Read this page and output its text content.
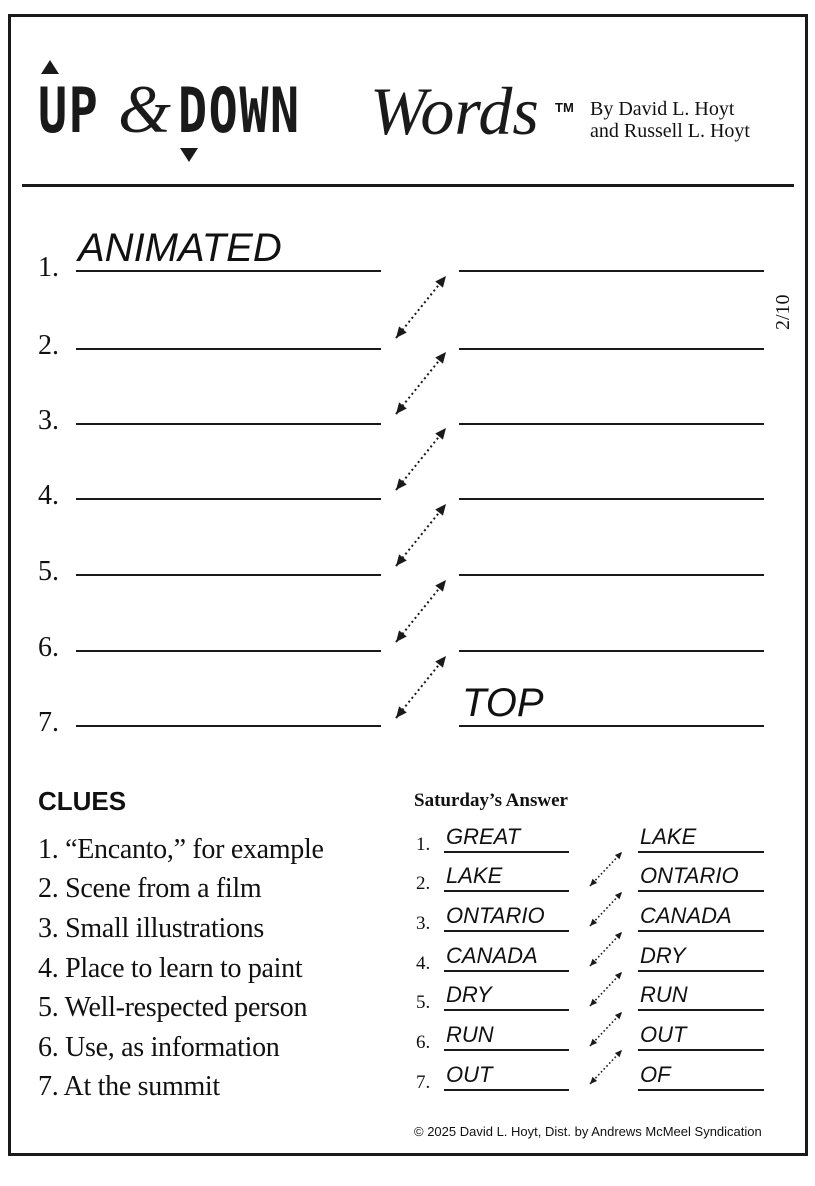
UP & DOWN Words TM By David L. Hoyt
and Russell L. Hoyt
2/10
1. ANIMATED
2.
3.
4.
5.
6.
7.	TOP
CLUES
1. “Encanto,” for example
2. Scene from a film
3. Small illustrations
4. Place to learn to paint
5. Well-respected person
6. Use, as information
7. At the summit
Saturday’s Answer
1. GREAT	LAKE
2. LAKE	ONTARIO
3. ONTARIO	CANADA
4. CANADA	DRY
5. DRY	RUN
6. RUN	OUT
7. OUT	OF
© 2025 David L. Hoyt, Dist. by Andrews McMeel Syndication
